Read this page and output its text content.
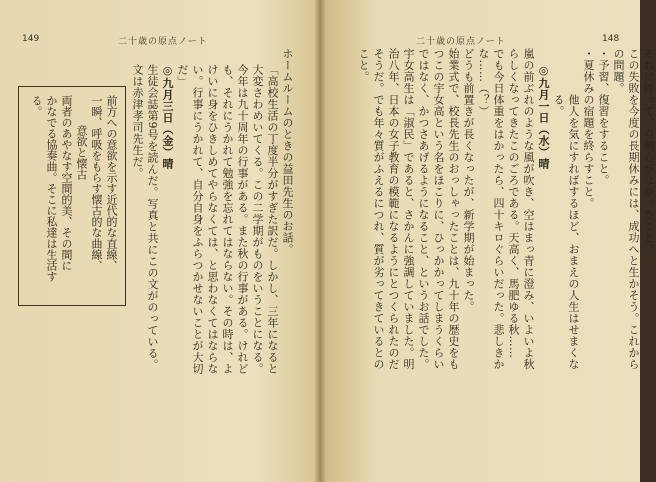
149	二十歳の原点ノート

ホームルームのときの益田先生のお話。

「高校生活の丁度半分がすぎた訳だ。しかし、三年になると大変さわめいてくる。この二学期がものをいうことになる。今年は九十周年の行事がある。また秋の行事がある。けれども、それにうかれて勉強を忘れてはならない。その時は、よけいに身をひきしめてやらなくては、と思わなくてはならない。行事にうかれて、自分自身をふらつかせないことが大切だ」

◎九月三日（金）晴

生徒会誌第9号を読んだ。写真と共にこの文がのっている。文は赤津孝司先生だ。

前方への意欲を示す近代的な直線、

一瞬、呼吸をもらす懐古的な曲線、

意欲と懐古

両者のあやなす空間的美、その間に

かなでる協奏曲。そこに私達は生活する。

二十歳の原点ノート	148

それに伴って、自制心がなかったこと。

この失敗を今度の長期休みには、成功へと生かそう。これからの問題。

・予習、復習をすること。

・夏休みの宿題を終らすこと。

他人を気にすればするほど、おまえの人生はせまくなる。

◎九月一日（水）晴

嵐の前ぶれのような風が吹き、空はまっ青に澄み、いよいよ秋らしくなってきたこのごろである。天高く、馬肥ゆる秋……

でも今日体重をはかったら、四十キロぐらいだった。悲しきかな……（？）

どうも前置きが長くなったが、新学期が始まった。

始業式で、校長先生のおっしゃったことは、九十年の歴史をもつこの宇女高という名をほこりに、ひっかかってしまうくらいではなく、かつさあげるようになること、というお話でした。宇女高生は「淑民」であると、さかんに強調していました。明治八年、日本の女子教育の模範になるようにとつくられたのだそうだ。でも年々質がふえるにつれ、質が劣ってきているとのこと。
